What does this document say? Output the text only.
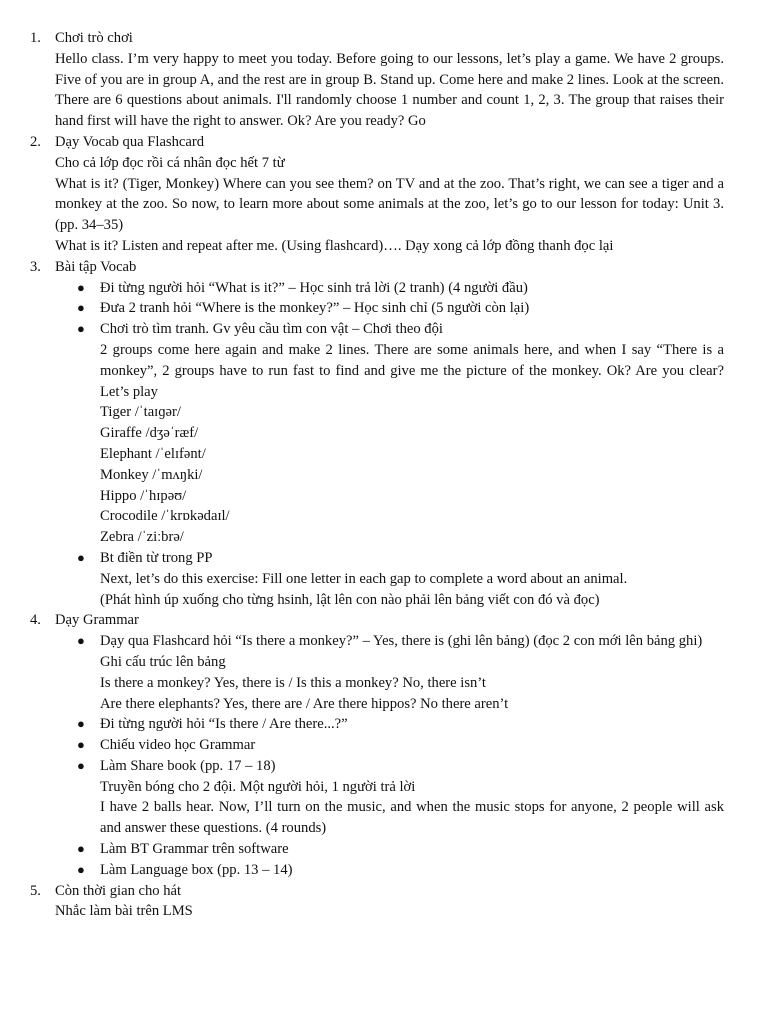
1. Chơi trò chơi
Hello class. I’m very happy to meet you today. Before going to our lessons, let’s play a game. We have 2 groups. Five of you are in group A, and the rest are in group B. Stand up. Come here and make 2 lines. Look at the screen. There are 6 questions about animals. I'll randomly choose 1 number and count 1, 2, 3. The group that raises their hand first will have the right to answer. Ok? Are you ready? Go
2. Dạy Vocab qua Flashcard
Cho cả lớp đọc rồi cá nhân đọc hết 7 từ
What is it? (Tiger, Monkey) Where can you see them? on TV and at the zoo. That’s right, we can see a tiger and a monkey at the zoo. So now, to learn more about some animals at the zoo, let’s go to our lesson for today: Unit 3. (pp. 34–35)
What is it? Listen and repeat after me. (Using flashcard)…. Dạy xong cả lớp đồng thanh đọc lại
3. Bài tập Vocab
● Đi từng người hỏi “What is it?” – Học sinh trả lời (2 tranh) (4 người đầu)
● Đưa 2 tranh hỏi “Where is the monkey?” – Học sinh chỉ (5 người còn lại)
● Chơi trò tìm tranh. Gv yêu cầu tìm con vật – Chơi theo đội
2 groups come here again and make 2 lines. There are some animals here, and when I say “There is a monkey”, 2 groups have to run fast to find and give me the picture of the monkey. Ok? Are you clear? Let’s play
Tiger /ˈtaɪɡər/
Giraffe /dʒəˈræf/
Elephant /ˈelɪfənt/
Monkey /ˈmʌŋki/
Hippo /ˈhɪpəʊ/
Crocodile /ˈkrɒkədaɪl/
Zebra /ˈziːbrə/
● Bt điền từ trong PP
Next, let’s do this exercise: Fill one letter in each gap to complete a word about an animal.
(Phát hình úp xuống cho từng hsinh, lật lên con nào phải lên bảng viết con đó và đọc)
4. Dạy Grammar
● Dạy qua Flashcard hỏi “Is there a monkey?” – Yes, there is (ghi lên bảng) (đọc 2 con mới lên bảng ghi)
Ghi cấu trúc lên bảng
Is there a monkey? Yes, there is / Is this a monkey? No, there isn’t
Are there elephants? Yes, there are / Are there hippos? No there aren’t
● Đi từng người hỏi “Is there / Are there...?”
● Chiếu video học Grammar
● Làm Share book (pp. 17 – 18)
Truyền bóng cho 2 đội. Một người hỏi, 1 người trả lời
I have 2 balls hear. Now, I’ll turn on the music, and when the music stops for anyone, 2 people will ask and answer these questions. (4 rounds)
● Làm BT Grammar trên software
● Làm Language box (pp. 13 – 14)
5. Còn thời gian cho hát
Nhắc làm bài trên LMS
